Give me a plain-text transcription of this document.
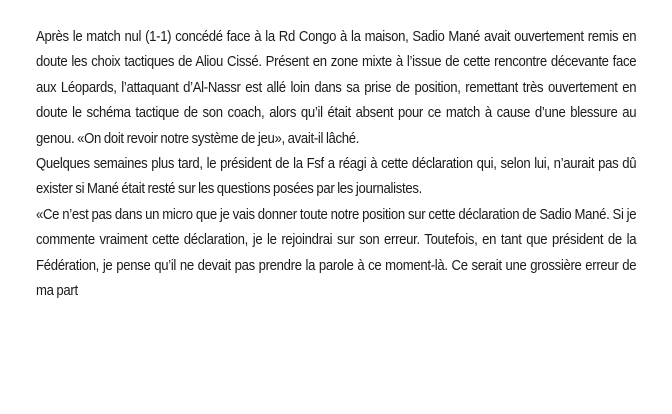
Après le match nul (1-1) concédé face à la Rd Congo à la maison, Sadio Mané avait ouvertement remis en doute les choix tactiques de Aliou Cissé. Présent en zone mixte à l’issue de cette rencontre décevante face aux Léopards, l’attaquant d’Al-Nassr est allé loin dans sa prise de position, remettant très ouvertement en doute le schéma tactique de son coach, alors qu’il était absent pour ce match à cause d’une blessure au genou. «On doit revoir notre système de jeu», avait-il lâché.

Quelques semaines plus tard, le président de la Fsf a réagi à cette déclaration qui, selon lui, n’aurait pas dû exister si Mané était resté sur les questions posées par les journalistes.

«Ce n’est pas dans un micro que je vais donner toute notre position sur cette déclaration de Sadio Mané. Si je commente vraiment cette déclaration, je le rejoindrai sur son erreur. Toutefois, en tant que président de la Fédération, je pense qu’il ne devait pas prendre la parole à ce moment-là. Ce serait une grossière erreur de ma part
